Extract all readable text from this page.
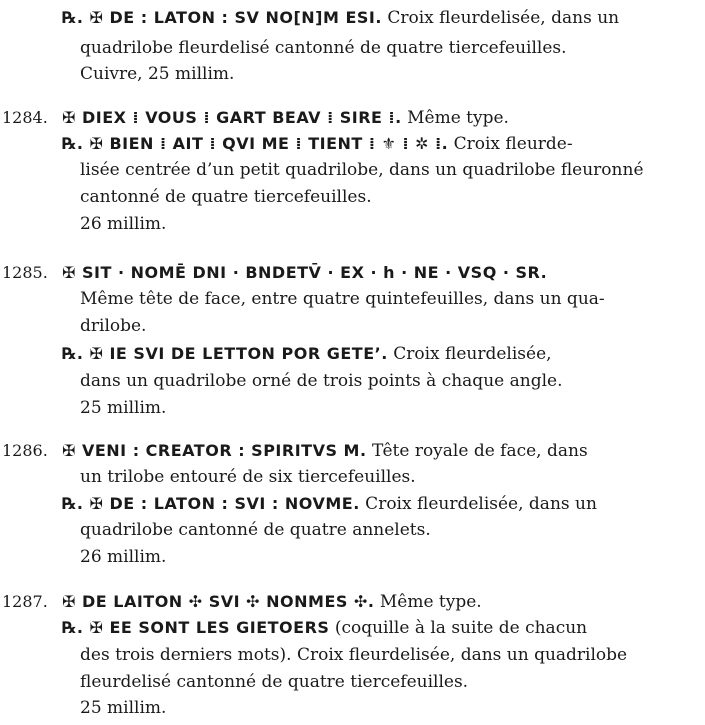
℞. ✠ DE : LATON : SV NO[N]M ESI. Croix fleurdelisée, dans un
quadrilobe fleurdelisé cantonné de quatre tiercefeuilles.
Cuivre, 25 millim.
1284. ✠ DIEX ⁞ VOUS ⁞ GART BEAV ⁞ SIRE ⁞. Même type.
℞. ✠ BIEN ⁞ AIT ⁞ QVI ME ⁞ TIENT ⁞ ⚜ ⁞ ✲ ⁞. Croix fleurde-
lisée centrée d’un petit quadrilobe, dans un quadrilobe fleuronné
cantonné de quatre tiercefeuilles.
26 millim.
1285. ✠ SIT · NOMĒ DNI · BNDETV̄ · EX · h · NE · VSQ · SR.
Même tête de face, entre quatre quintefeuilles, dans un qua-
drilobe.
℞. ✠ IE SVI DE LETTON POR GETE’. Croix fleurdelisée,
dans un quadrilobe orné de trois points à chaque angle.
25 millim.
1286. ✠ VENI : CREATOR : SPIRITVS M. Tête royale de face, dans
un trilobe entouré de six tiercefeuilles.
℞. ✠ DE : LATON : SVI : NOVME. Croix fleurdelisée, dans un
quadrilobe cantonné de quatre annelets.
26 millim.
1287. ✠ DE LAITON ✣ SVI ✣ NONMES ✣. Même type.
℞. ✠ EE SONT LES GIETOERS (coquille à la suite de chacun
des trois derniers mots). Croix fleurdelisée, dans un quadrilobe
fleurdelisé cantonné de quatre tiercefeuilles.
25 millim.
